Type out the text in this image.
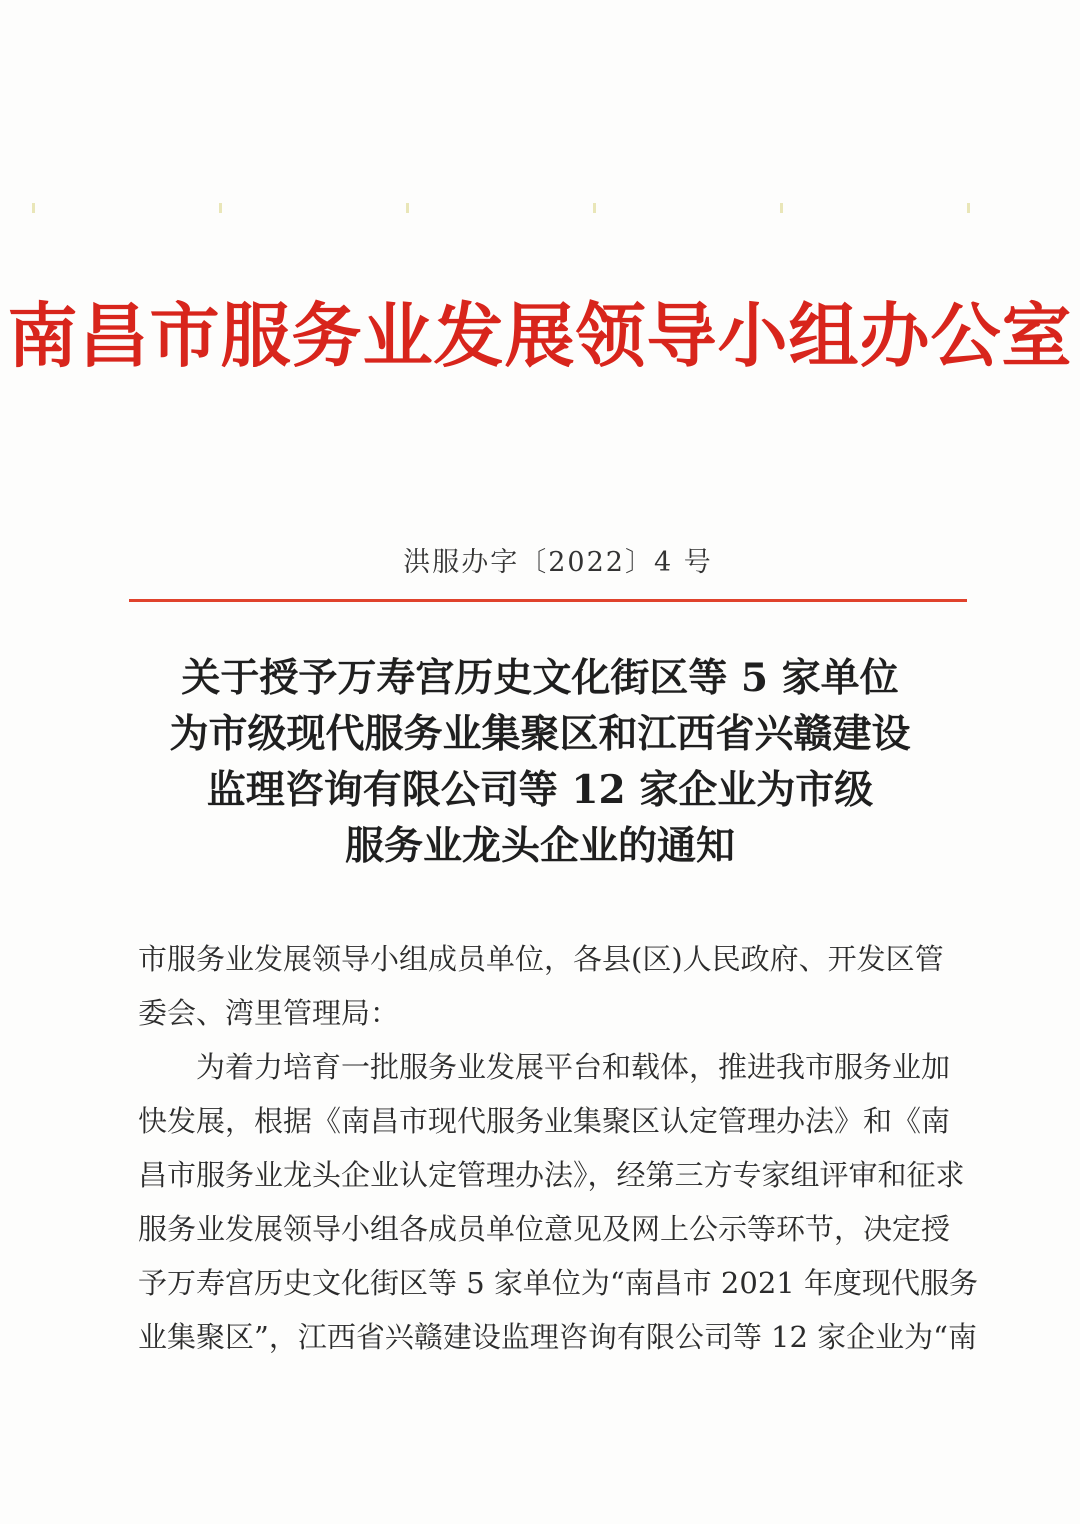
南昌市服务业发展领导小组办公室
洪服办字〔2022〕4 号
关于授予万寿宫历史文化街区等 5 家单位
为市级现代服务业集聚区和江西省兴赣建设
监理咨询有限公司等 12 家企业为市级
服务业龙头企业的通知
市服务业发展领导小组成员单位，各县(区)人民政府、开发区管
委会、湾里管理局：
为着力培育一批服务业发展平台和载体，推进我市服务业加
快发展，根据《南昌市现代服务业集聚区认定管理办法》和《南
昌市服务业龙头企业认定管理办法》，经第三方专家组评审和征求
服务业发展领导小组各成员单位意见及网上公示等环节，决定授
予万寿宫历史文化街区等 5 家单位为“南昌市 2021 年度现代服务
业集聚区”，江西省兴赣建设监理咨询有限公司等 12 家企业为“南
